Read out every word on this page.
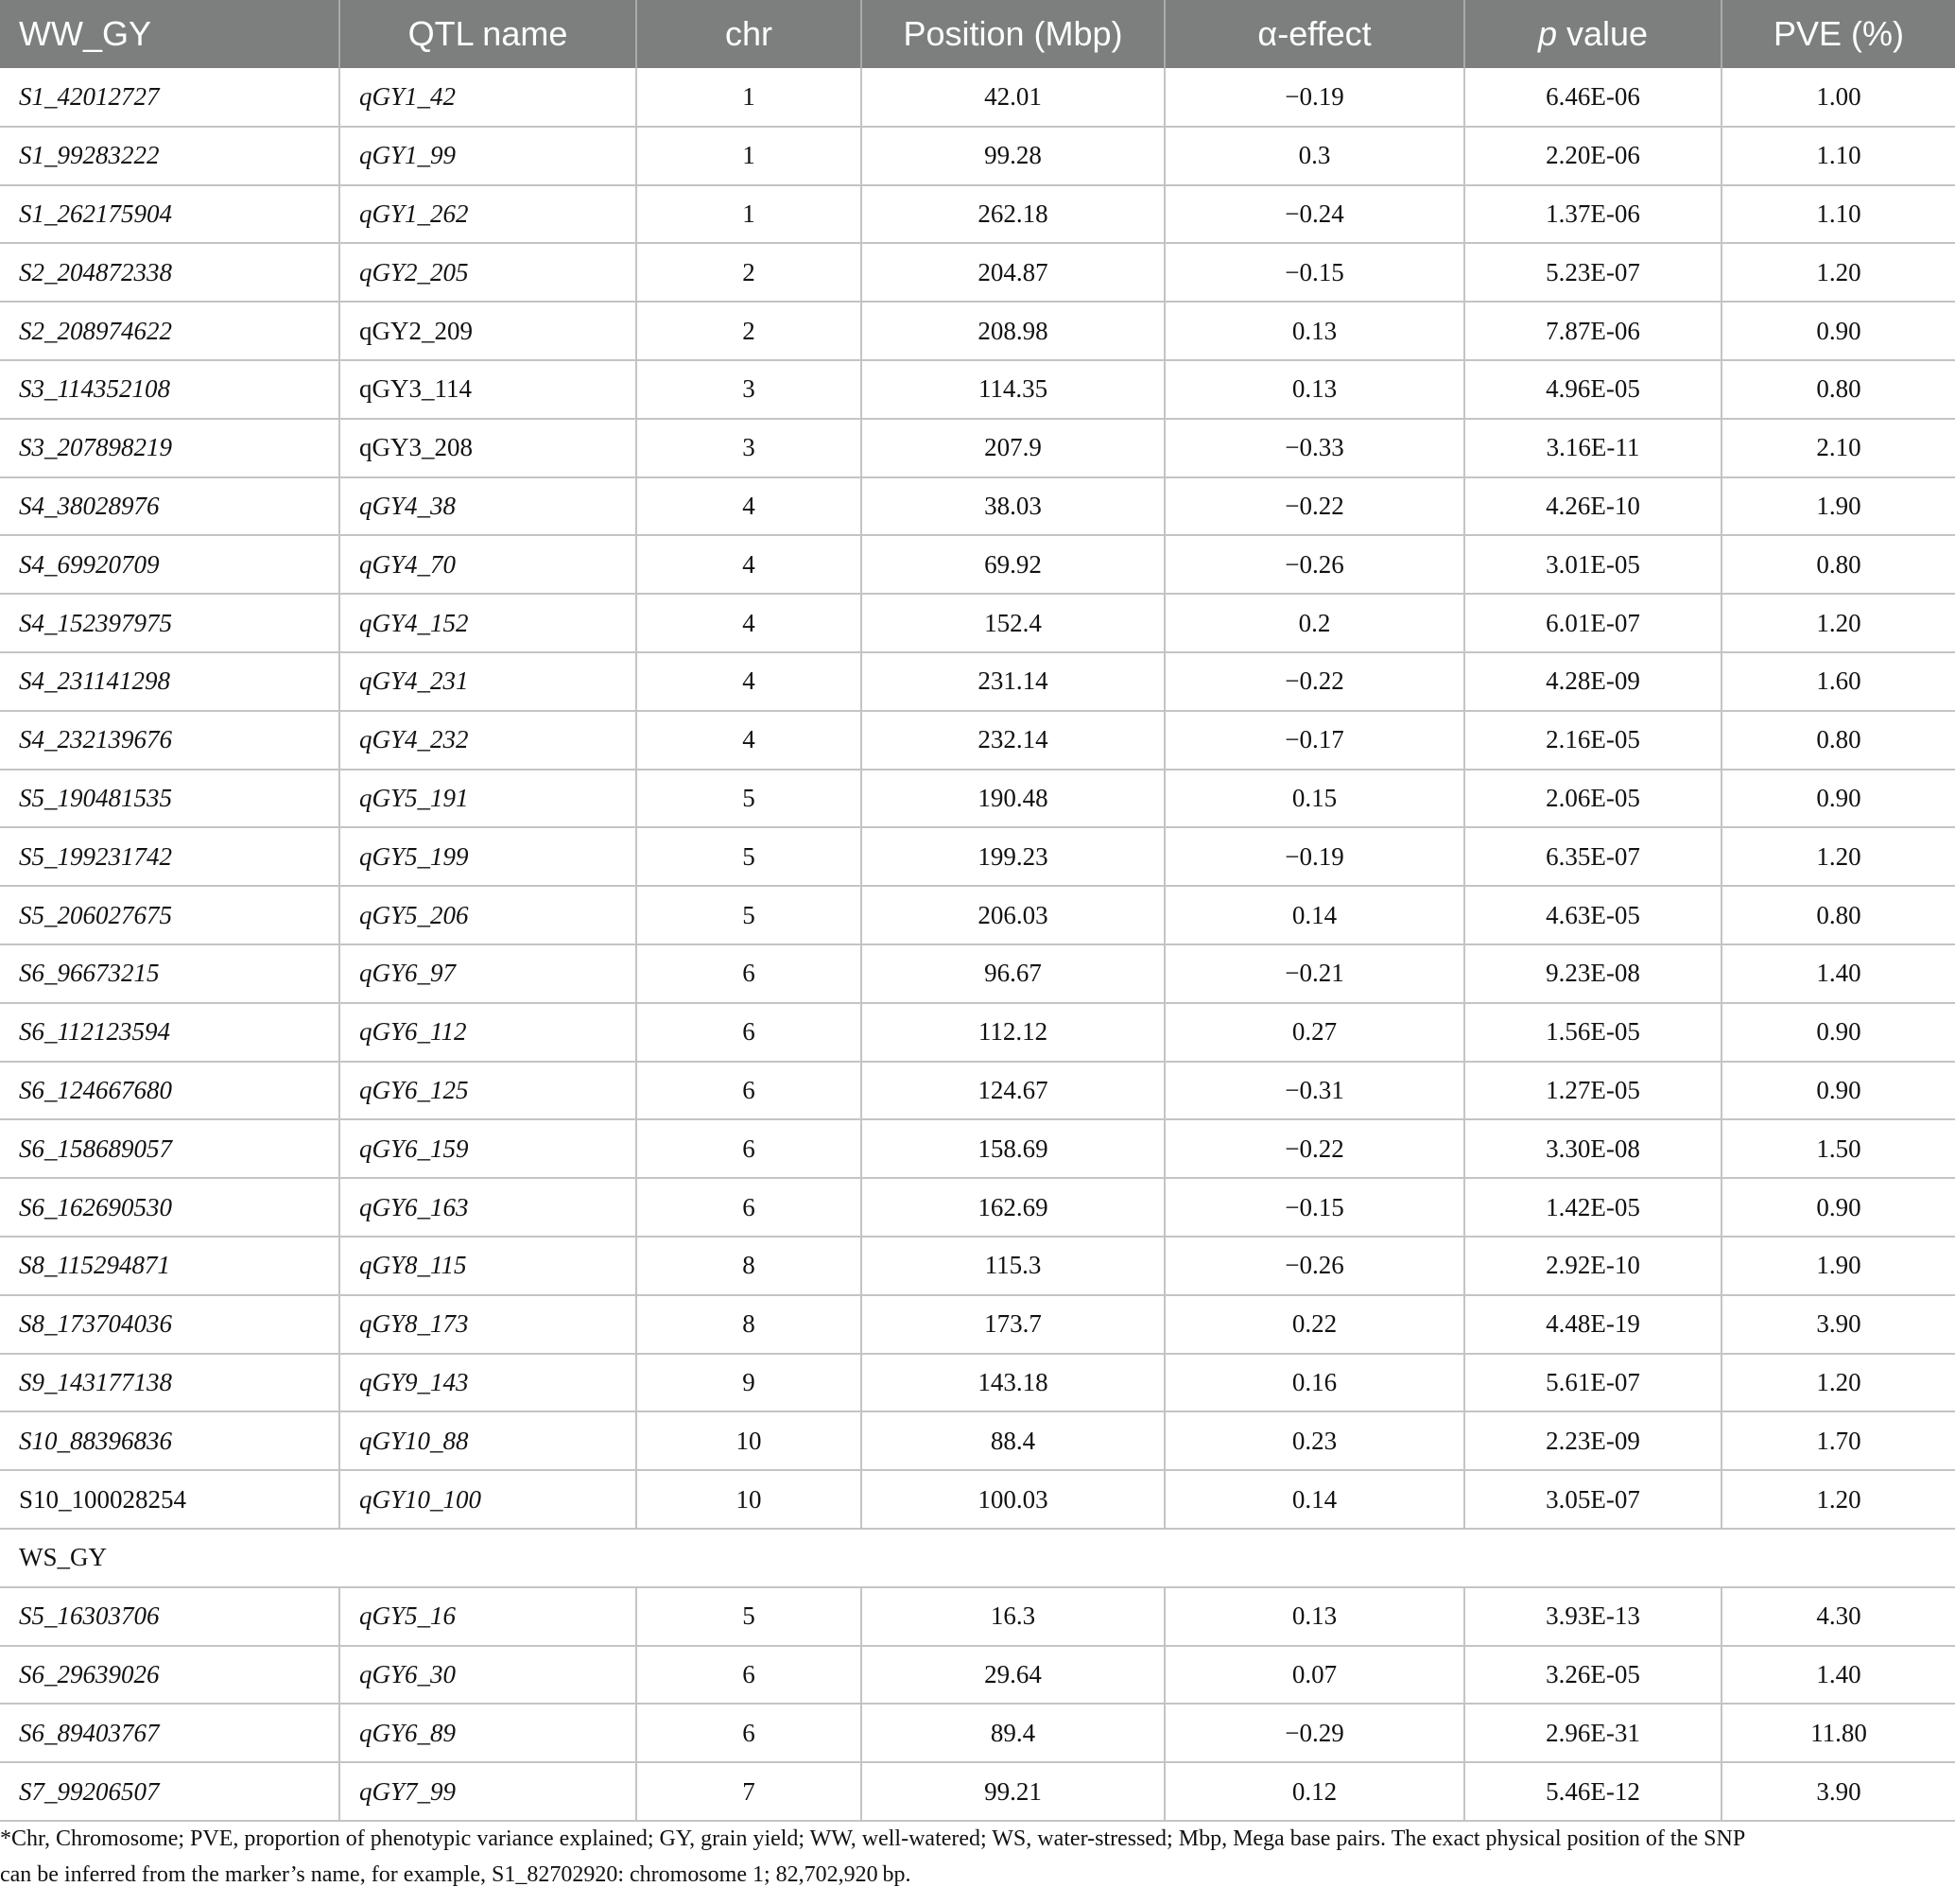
WW_GY	QTL name	chr	Position (Mbp)	α-effect	p value	PVE (%)
S1_42012727	qGY1_42	1	42.01	−0.19	6.46E-06	1.00
S1_99283222	qGY1_99	1	99.28	0.3	2.20E-06	1.10
S1_262175904	qGY1_262	1	262.18	−0.24	1.37E-06	1.10
S2_204872338	qGY2_205	2	204.87	−0.15	5.23E-07	1.20
S2_208974622	qGY2_209	2	208.98	0.13	7.87E-06	0.90
S3_114352108	qGY3_114	3	114.35	0.13	4.96E-05	0.80
S3_207898219	qGY3_208	3	207.9	−0.33	3.16E-11	2.10
S4_38028976	qGY4_38	4	38.03	−0.22	4.26E-10	1.90
S4_69920709	qGY4_70	4	69.92	−0.26	3.01E-05	0.80
S4_152397975	qGY4_152	4	152.4	0.2	6.01E-07	1.20
S4_231141298	qGY4_231	4	231.14	−0.22	4.28E-09	1.60
S4_232139676	qGY4_232	4	232.14	−0.17	2.16E-05	0.80
S5_190481535	qGY5_191	5	190.48	0.15	2.06E-05	0.90
S5_199231742	qGY5_199	5	199.23	−0.19	6.35E-07	1.20
S5_206027675	qGY5_206	5	206.03	0.14	4.63E-05	0.80
S6_96673215	qGY6_97	6	96.67	−0.21	9.23E-08	1.40
S6_112123594	qGY6_112	6	112.12	0.27	1.56E-05	0.90
S6_124667680	qGY6_125	6	124.67	−0.31	1.27E-05	0.90
S6_158689057	qGY6_159	6	158.69	−0.22	3.30E-08	1.50
S6_162690530	qGY6_163	6	162.69	−0.15	1.42E-05	0.90
S8_115294871	qGY8_115	8	115.3	−0.26	2.92E-10	1.90
S8_173704036	qGY8_173	8	173.7	0.22	4.48E-19	3.90
S9_143177138	qGY9_143	9	143.18	0.16	5.61E-07	1.20
S10_88396836	qGY10_88	10	88.4	0.23	2.23E-09	1.70
S10_100028254	qGY10_100	10	100.03	0.14	3.05E-07	1.20
WS_GY						
S5_16303706	qGY5_16	5	16.3	0.13	3.93E-13	4.30
S6_29639026	qGY6_30	6	29.64	0.07	3.26E-05	1.40
S6_89403767	qGY6_89	6	89.4	−0.29	2.96E-31	11.80
S7_99206507	qGY7_99	7	99.21	0.12	5.46E-12	3.90

*Chr, Chromosome; PVE, proportion of phenotypic variance explained; GY, grain yield; WW, well-watered; WS, water-stressed; Mbp, Mega base pairs. The exact physical position of the SNP

can be inferred from the marker’s name, for example, S1_82702920: chromosome 1; 82,702,920 bp.
